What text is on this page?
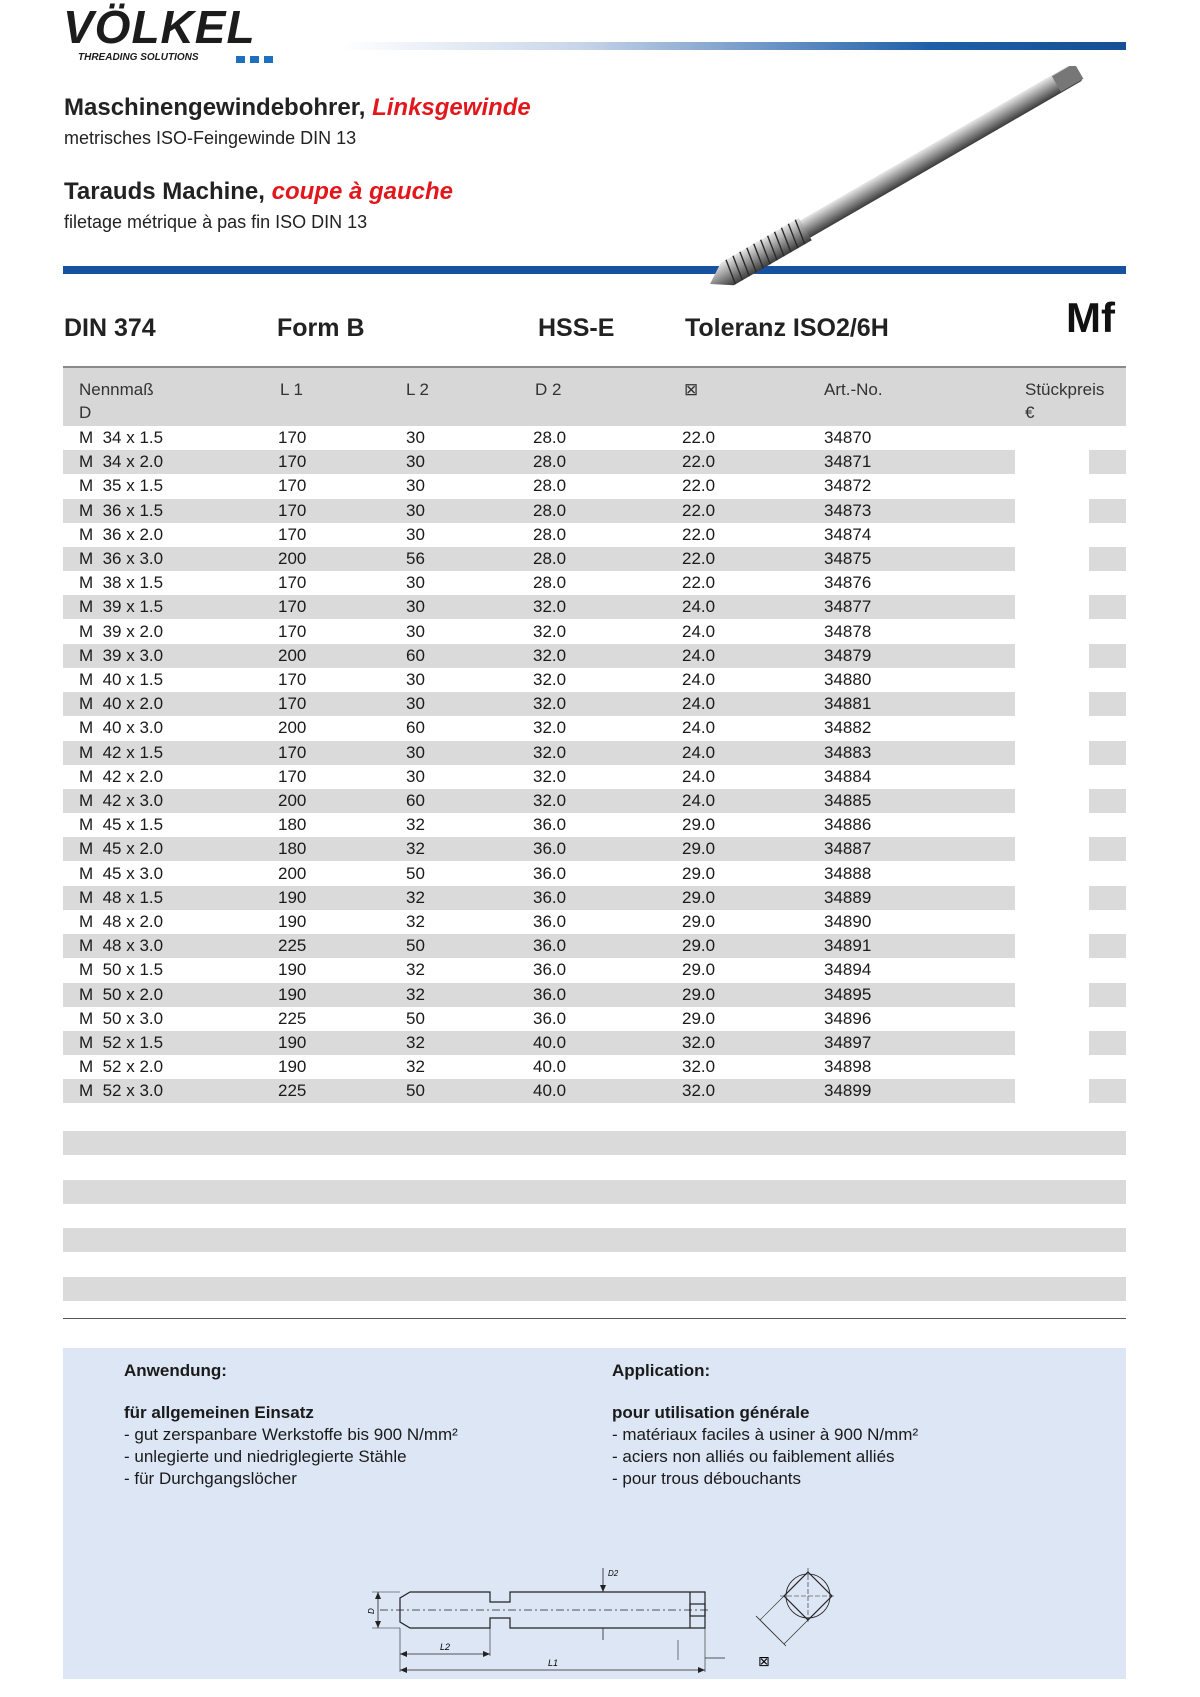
VÖLKEL
THREADING SOLUTIONS
Maschinengewindebohrer, Linksgewinde
metrisches ISO-Feingewinde DIN 13
Tarauds Machine, coupe à gauche
filetage métrique à pas fin ISO DIN 13
DIN 374	Form B	HSS-E	Toleranz ISO2/6H	Mf
Nennmaß
D
L 1	L 2	D 2	⊠	Art.-No.	Stückpreis
€
M  34 x 1.5	170	30	28.0	22.0	34870
M  34 x 2.0	170	30	28.0	22.0	34871
M  35 x 1.5	170	30	28.0	22.0	34872
M  36 x 1.5	170	30	28.0	22.0	34873
M  36 x 2.0	170	30	28.0	22.0	34874
M  36 x 3.0	200	56	28.0	22.0	34875
M  38 x 1.5	170	30	28.0	22.0	34876
M  39 x 1.5	170	30	32.0	24.0	34877
M  39 x 2.0	170	30	32.0	24.0	34878
M  39 x 3.0	200	60	32.0	24.0	34879
M  40 x 1.5	170	30	32.0	24.0	34880
M  40 x 2.0	170	30	32.0	24.0	34881
M  40 x 3.0	200	60	32.0	24.0	34882
M  42 x 1.5	170	30	32.0	24.0	34883
M  42 x 2.0	170	30	32.0	24.0	34884
M  42 x 3.0	200	60	32.0	24.0	34885
M  45 x 1.5	180	32	36.0	29.0	34886
M  45 x 2.0	180	32	36.0	29.0	34887
M  45 x 3.0	200	50	36.0	29.0	34888
M  48 x 1.5	190	32	36.0	29.0	34889
M  48 x 2.0	190	32	36.0	29.0	34890
M  48 x 3.0	225	50	36.0	29.0	34891
M  50 x 1.5	190	32	36.0	29.0	34894
M  50 x 2.0	190	32	36.0	29.0	34895
M  50 x 3.0	225	50	36.0	29.0	34896
M  52 x 1.5	190	32	40.0	32.0	34897
M  52 x 2.0	190	32	40.0	32.0	34898
M  52 x 3.0	225	50	40.0	32.0	34899
Anwendung:
für allgemeinen Einsatz
- gut zerspanbare Werkstoffe bis 900 N/mm²
- unlegierte und niedriglegierte Stähle
- für Durchgangslöcher
Application:
pour utilisation générale
- matériaux faciles à usiner à 900 N/mm²
- aciers non alliés ou faiblement alliés
- pour trous débouchants
D
D2
L2
L1	⊠
